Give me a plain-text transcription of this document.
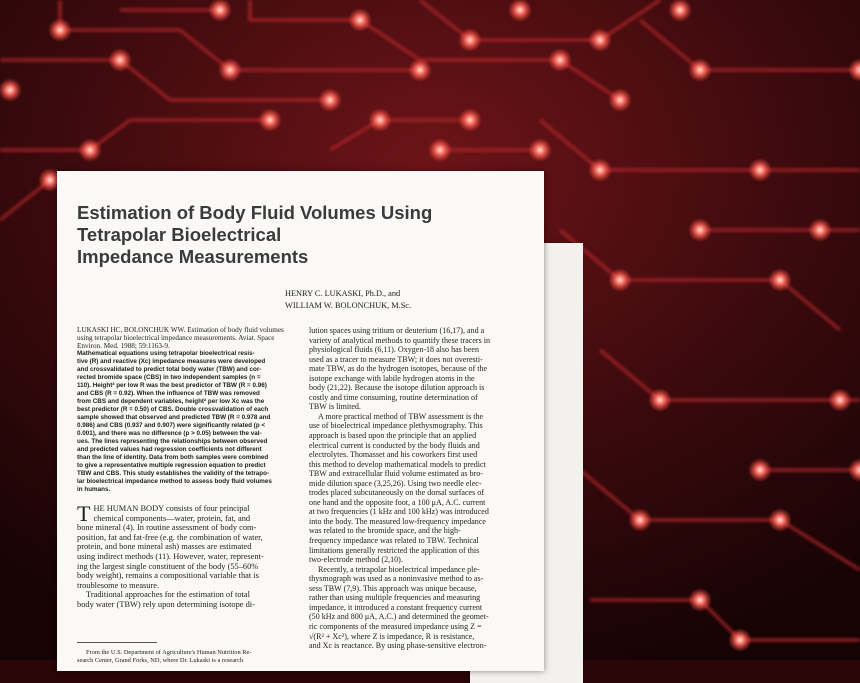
Estimation of Body Fluid Volumes Using
Tetrapolar Bioelectrical
Impedance Measurements
HENRY C. LUKASKI, Ph.D., and
WILLIAM W. BOLONCHUK, M.Sc.
LUKASKI HC, BOLONCHUK WW. Estimation of body fluid volumes
using tetrapolar bioelectrical impedance measurements. Aviat. Space
Environ. Med. 1988; 59:1163-9.
Mathematical equations using tetrapolar bioelectrical resis-
tive (R) and reactive (Xc) impedance measures were developed
and crossvalidated to predict total body water (TBW) and cor-
rected bromide space (CBS) in two independent samples (n =
110). Height² per low R was the best predictor of TBW (R = 0.96)
and CBS (R = 0.92). When the influence of TBW was removed
from CBS and dependent variables, height² per low Xc was the
best predictor (R = 0.50) of CBS. Double crossvalidation of each
sample showed that observed and predicted TBW (R = 0.978 and
0.986) and CBS (0.937 and 0.907) were significantly related (p <
0.001), and there was no difference (p > 0.05) between the val-
ues. The lines representing the relationships between observed
and predicted values had regression coefficients not different
than the line of identity. Data from both samples were combined
to give a representative multiple regression equation to predict
TBW and CBS. This study establishes the validity of the tetrapo-
lar bioelectrical impedance method to assess body fluid volumes
in humans.
T HE HUMAN BODY consists of four principal
chemical components—water, protein, fat, and
bone mineral (4). In routine assessment of body com-
position, fat and fat-free (e.g. the combination of water,
protein, and bone mineral ash) masses are estimated
using indirect methods (11). However, water, represent-
ing the largest single constituent of the body (55–60%
body weight), remains a compositional variable that is
troublesome to measure.
Traditional approaches for the estimation of total
body water (TBW) rely upon determining isotope di-
From the U.S. Department of Agriculture's Human Nutrition Re-
search Center, Grand Forks, ND, where Dr. Lukaski is a research
lution spaces using tritium or deuterium (16,17), and a
variety of analytical methods to quantify these tracers in
physiological fluids (6,11). Oxygen-18 also has been
used as a tracer to measure TBW; it does not overesti-
mate TBW, as do the hydrogen isotopes, because of the
isotope exchange with labile hydrogen atoms in the
body (21,22). Because the isotope dilution approach is
costly and time consuming, routine determination of
TBW is limited.
A more practical method of TBW assessment is the
use of bioelectrical impedance plethysmography. This
approach is based upon the principle that an applied
electrical current is conducted by the body fluids and
electrolytes. Thomasset and his coworkers first used
this method to develop mathematical models to predict
TBW and extracellular fluid volume estimated as bro-
mide dilution space (3,25,26). Using two needle elec-
trodes placed subcutaneously on the dorsal surfaces of
one hand and the opposite foot, a 100 μA, A.C. current
at two frequencies (1 kHz and 100 kHz) was introduced
into the body. The measured low-frequency impedance
was related to the bromide space, and the high-
frequency impedance was related to TBW. Technical
limitations generally restricted the application of this
two-electrode method (2,10).
Recently, a tetrapolar bioelectrical impedance ple-
thysmograph was used as a noninvasive method to as-
sess TBW (7,9). This approach was unique because,
rather than using multiple frequencies and measuring
impedance, it introduced a constant frequency current
(50 kHz and 800 μA, A.C.) and determined the geomet-
ric components of the measured impedance using Z =
√(R² + Xc²), where Z is impedance, R is resistance,
and Xc is reactance. By using phase-sensitive electron-
